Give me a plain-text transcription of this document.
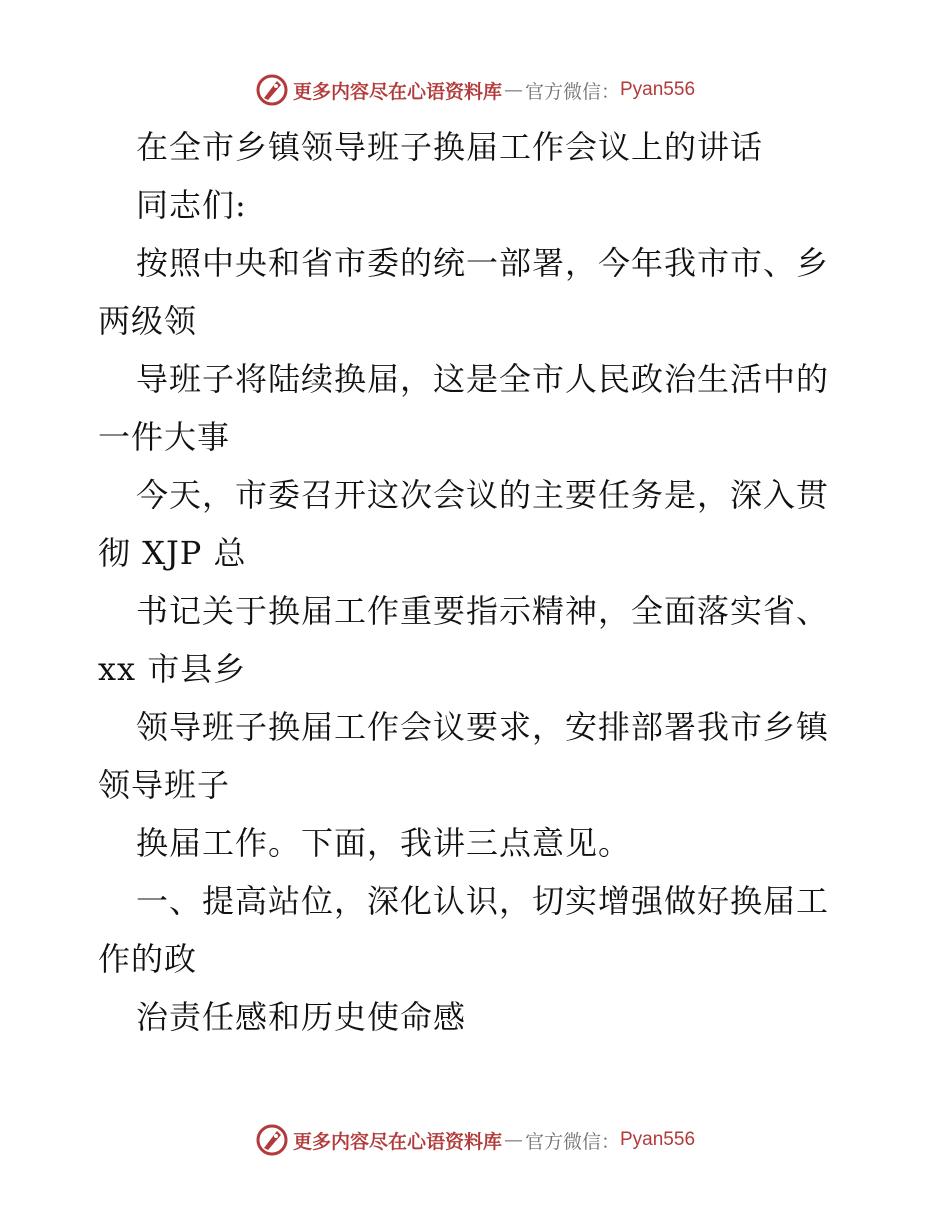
更多内容尽在心语资料库 — 官方微信： Pyan556
在全市乡镇领导班子换届工作会议上的讲话
同志们:
按照中央和省市委的统一部署，今年我市市、乡
两级领
导班子将陆续换届，这是全市人民政治生活中的
一件大事
今天，市委召开这次会议的主要任务是，深入贯
彻 XJP 总
书记关于换届工作重要指示精神，全面落实省、
xx 市县乡
领导班子换届工作会议要求，安排部署我市乡镇
领导班子
换届工作。下面，我讲三点意见。
一、提高站位，深化认识，切实增强做好换届工
作的政
治责任感和历史使命感
更多内容尽在心语资料库 — 官方微信： Pyan556
